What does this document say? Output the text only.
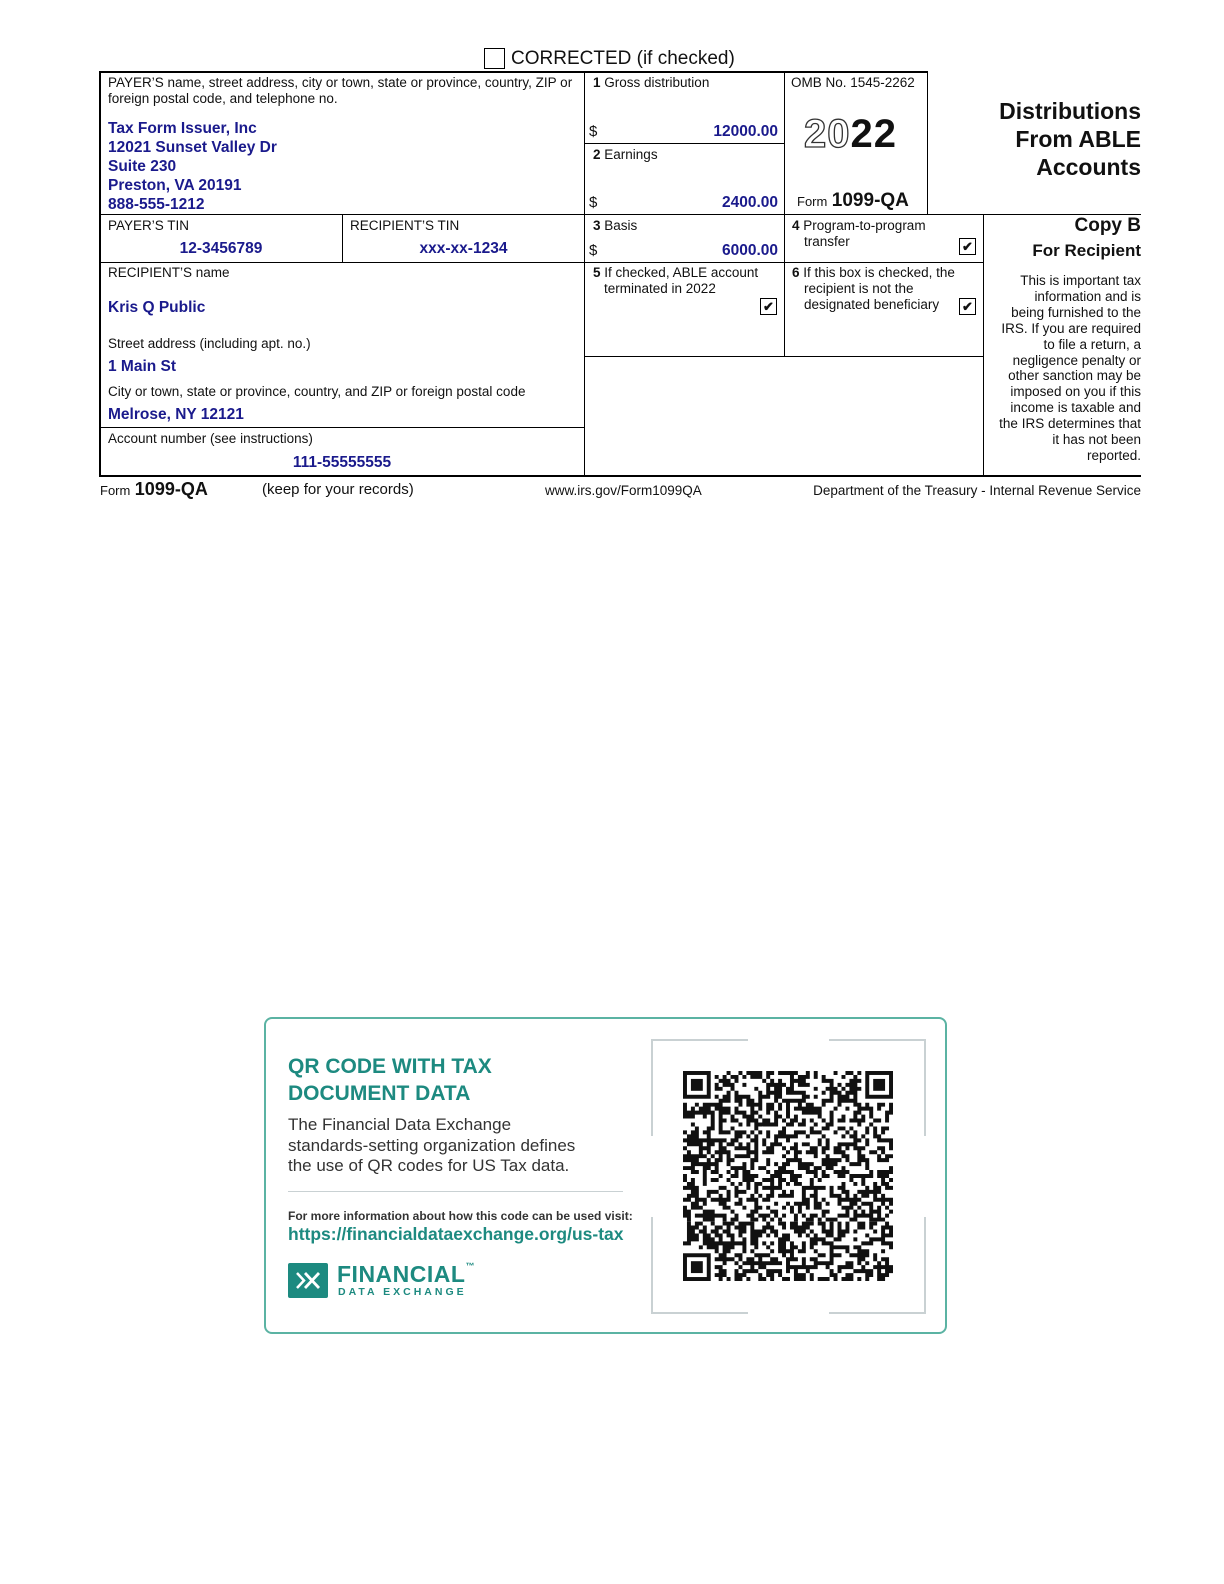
CORRECTED (if checked)
PAYER’S name, street address, city or town, state or province, country, ZIP or foreign postal code, and telephone no.
Tax Form Issuer, Inc
12021 Sunset Valley Dr
Suite 230
Preston, VA 20191
888-555-1212
1 Gross distribution
$	12000.00
2 Earnings
$	2400.00
OMB No. 1545-2262
2022
Form 1099-QA
Distributions
From ABLE
Accounts
PAYER’S TIN
12-3456789
RECIPIENT’S TIN
xxx-xx-1234
3 Basis
$	6000.00
4 Program-to-program
transfer	✔
Copy B
For Recipient
RECIPIENT’S name
Kris Q Public
5 If checked, ABLE account
terminated in 2022
✔
6 If this box is checked, the
recipient is not the
designated beneficiary	✔
This is important tax
information and is
being furnished to the
IRS. If you are required
to file a return, a
negligence penalty or
other sanction may be
imposed on you if this
income is taxable and
the IRS determines that
it has not been
reported.
Street address (including apt. no.)
1 Main St
City or town, state or province, country, and ZIP or foreign postal code
Melrose, NY 12121
Account number (see instructions)
111-55555555
Form 1099-QA	(keep for your records)	www.irs.gov/Form1099QA	Department of the Treasury - Internal Revenue Service
QR CODE WITH TAX
DOCUMENT DATA
The Financial Data Exchange
standards-setting organization defines
the use of QR codes for US Tax data.
For more information about how this code can be used visit:
https://financialdataexchange.org/us-tax
FINANCIAL™
DATA EXCHANGE
